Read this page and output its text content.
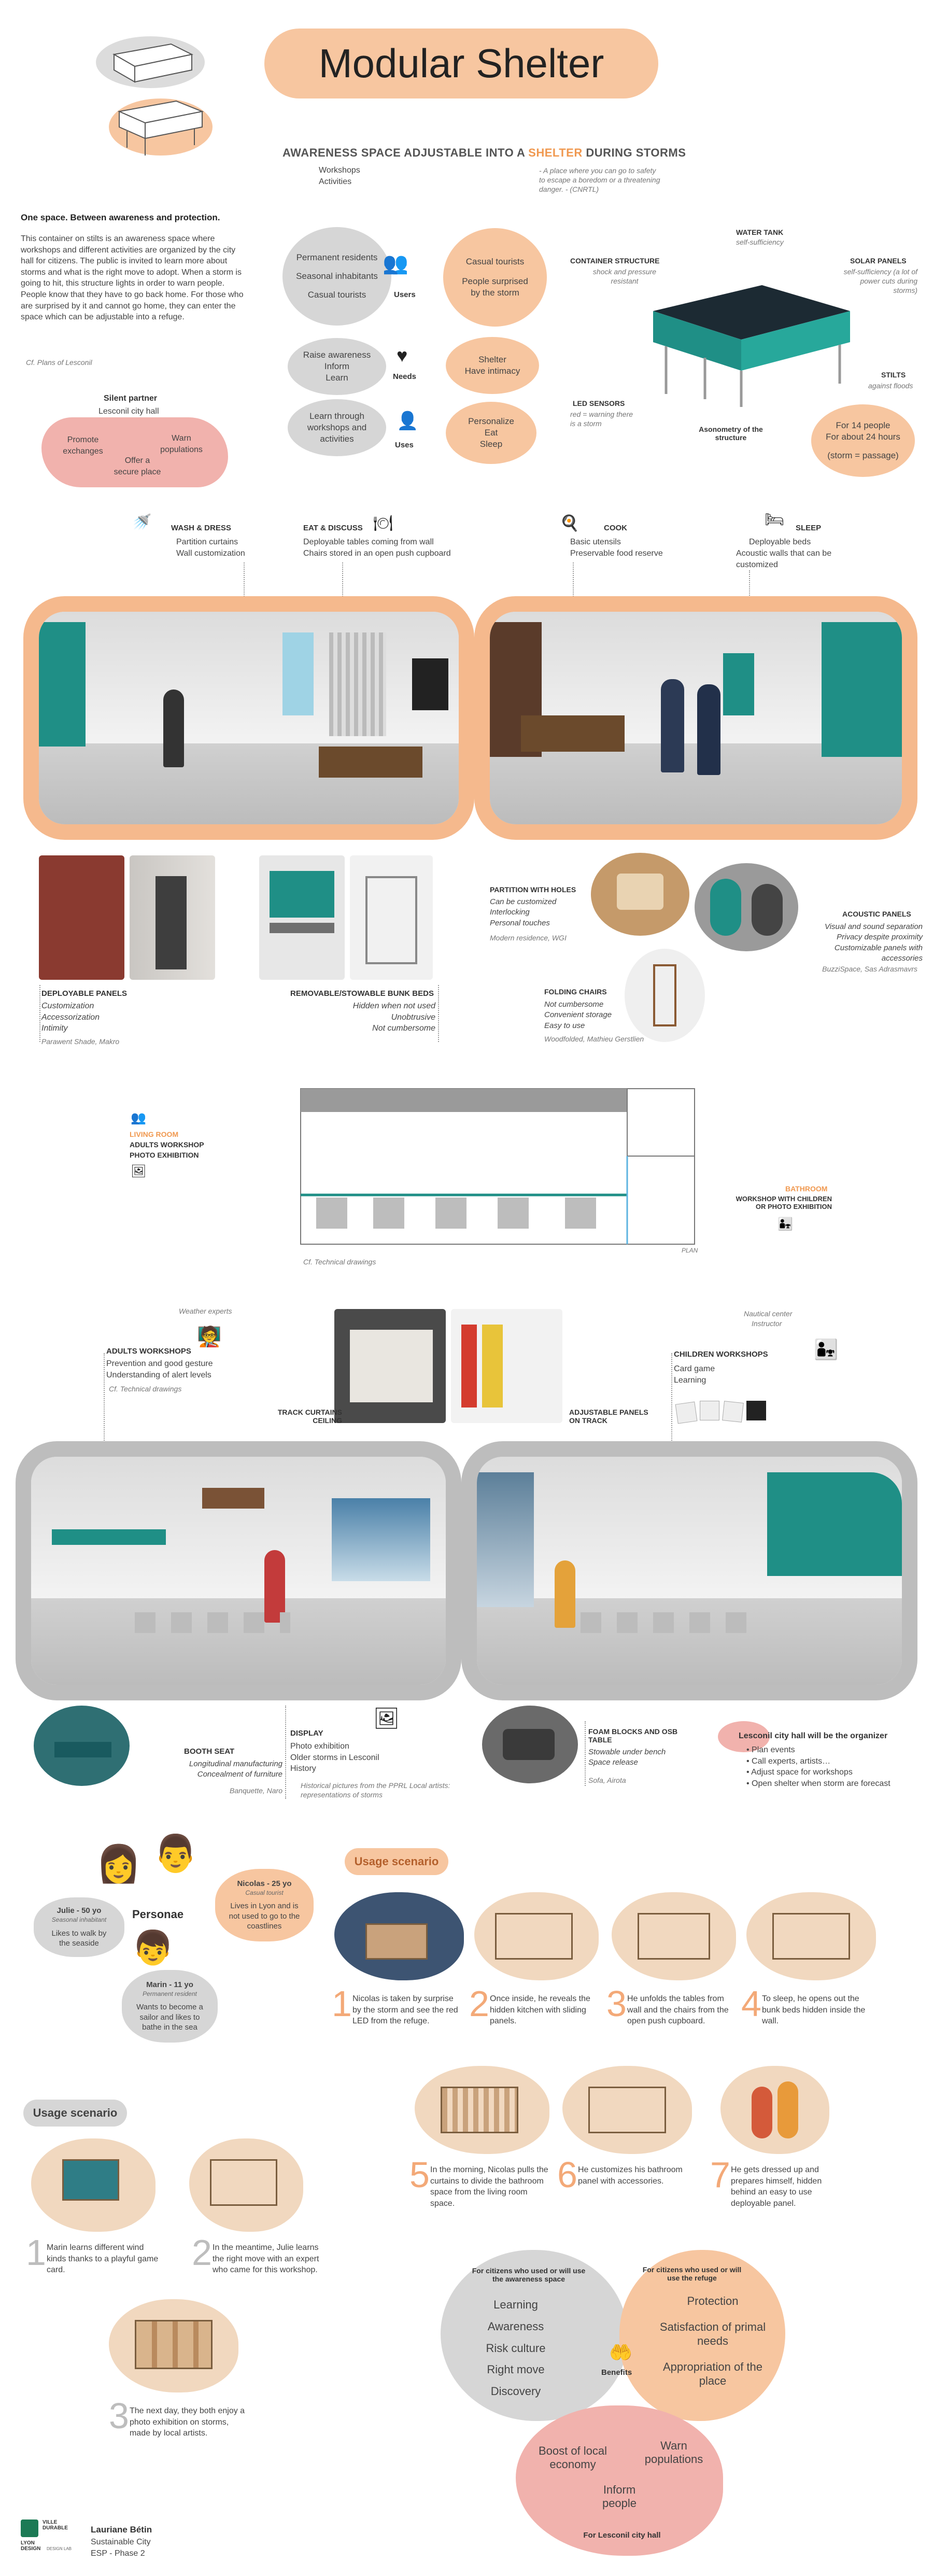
Modular Shelter
AWARENESS SPACE ADJUSTABLE INTO A SHELTER DURING STORMS
Workshops
Activities
- A place where you can go to safety to escape a boredom or a threatening danger. - (CNRTL)
One space. Between awareness and protection.
This container on stilts is an awareness space where workshops and different activities are organized by the city hall for citizens. The public is invited to learn more about storms and what is the right move to adopt. When a storm is going to hit, this structure lights in order to warn people. People know that they have to go back home. For those who are surprised by it and cannot go home, they can enter the space which can be adjustable into a refuge.
Cf. Plans of Lesconil
Silent partner
Lesconil city hall
Promote exchanges
Warn populations
Offer a secure place
Permanent residents
Seasonal inhabitants
Casual tourists
👥
Users
Casual tourists
People surprised by the storm
Raise awareness
Inform
Learn
♥
Needs
Shelter
Have intimacy
Learn through workshops and activities
👤
Uses
Personalize
Eat
Sleep
WATER TANK
self-sufficiency
CONTAINER STRUCTURE
shock and pressure resistant
SOLAR PANELS
self-sufficiency (a lot of power cuts during storms)
STILTS
against floods
LED SENSORS
red = warning there is a storm
Asonometry of the structure
For 14 people
For about 24 hours
(storm = passage)
🚿	WASH & DRESS
Partition curtains
Wall customization
EAT & DISCUSS 🍽
Deployable tables coming from wall
Chairs stored in an open push cupboard
🍳	COOK
Basic utensils
Preservable food reserve
🛏 SLEEP
Deployable beds
Acoustic walls that can be customized
DEPLOYABLE PANELS
Customization
Accessorization
Intimity
Parawent Shade, Makro
REMOVABLE/STOWABLE BUNK BEDS
Hidden when not used
Unobtrusive
Not cumbersome
PARTITION WITH HOLES
Can be customized
Interlocking
Personal touches
Modern residence, WGI
ACOUSTIC PANELS
Visual and sound separation
Privacy despite proximity
Customizable panels with accessories
BuzziSpace, Sas Adrasmavrs
FOLDING CHAIRS
Not cumbersome
Convenient storage
Easy to use
Woodfolded, Mathieu Gerstlien
LIVING ROOM
ADULTS WORKSHOP
PHOTO EXHIBITION
👥
🖼
BATHROOM
WORKSHOP WITH CHILDREN OR PHOTO EXHIBITION
👨‍👧
Cf. Technical drawings
PLAN
Weather experts
🧑‍🏫
ADULTS WORKSHOPS
Prevention and good gesture
Understanding of alert levels
Cf. Technical drawings
TRACK CURTAINS CEILING
ADJUSTABLE PANELS ON TRACK
Nautical center
Instructor
👨‍👧
CHILDREN WORKSHOPS
Card game
Learning
BOOTH SEAT
Longitudinal manufacturing
Concealment of furniture
Banquette, Naro
🖼
DISPLAY
Photo exhibition
Older storms in Lesconil
History
Historical pictures from the PPRL Local artists: representations of storms
FOAM BLOCKS AND OSB TABLE
Stowable under bench
Space release
Sofa, Airota
Lesconil city hall will be the organizer
• Plan events
• Call experts, artists…
• Adjust space for workshops
• Open shelter when storm are forecast
👩 👨
👦
Personae
Julie - 50 yo
Seasonal inhabitant
Likes to walk by the seaside
Nicolas - 25 yo
Casual tourist
Lives in Lyon and is not used to go to the coastlines
Marin - 11 yo
Permanent resident
Wants to become a sailor and likes to bathe in the sea
Usage scenario
1 Nicolas is taken by surprise by the storm and see the red LED from the refuge.	2 Once inside, he reveals the hidden kitchen with sliding panels.	3 He unfolds the tables from wall and the chairs from the open push cupboard. 4 To sleep, he opens out the bunk beds hidden inside the wall.
5 In the morning, Nicolas pulls the curtains to divide the bathroom space from the living room space.
6 He customizes his bathroom panel with accessories.	7 He gets dressed up and prepares himself, hidden behind an easy to use deployable panel.
Usage scenario
1 Marin learns different wind kinds thanks to a playful game card.	2 In the meantime, Julie learns the right move with an expert who came for this workshop.
3 The next day, they both enjoy a photo exhibition on storms, made by local artists.
For citizens who used or will use the awareness space
Learning
Awareness
Risk culture
Right move
Discovery
For citizens who used or will use the refuge
Protection
Satisfaction of primal needs
Appropriation of the place
🤲
Benefits
Boost of local economy
Warn populations
Inform people
For Lesconil city hall
VILLE
DURABLE
LYON
DESIGN DESIGN LAB
Lauriane Bétin
Sustainable City
ESP - Phase 2
